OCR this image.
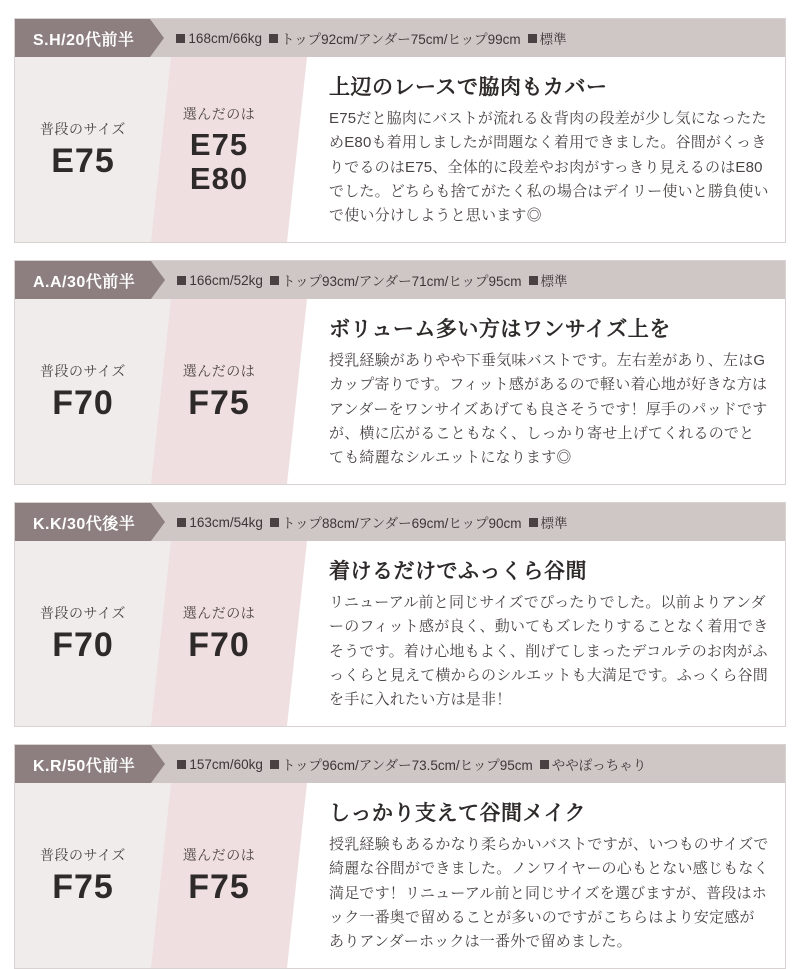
S.H/20代前半	168cm/66kg トップ92cm/アンダー75cm/ヒップ99cm 標準
普段のサイズ
E75
選んだのは
E75
E80
上辺のレースで脇肉もカバー
E75だと脇肉にバストが流れる＆背肉の段差が少し気になったためE80も着用しましたが問題なく着用できました。谷間がくっきりでるのはE75、全体的に段差やお肉がすっきり見えるのはE80でした。どちらも捨てがたく私の場合はデイリー使いと勝負使いで使い分けしようと思います◎
A.A/30代前半	166cm/52kg トップ93cm/アンダー71cm/ヒップ95cm 標準
普段のサイズ
F70
選んだのは
F75
ボリューム多い方はワンサイズ上を
授乳経験がありやや下垂気味バストです。左右差があり、左はGカップ寄りです。フィット感があるので軽い着心地が好きな方はアンダーをワンサイズあげても良さそうです！厚手のパッドですが、横に広がることもなく、しっかり寄せ上げてくれるのでとても綺麗なシルエットになります◎
K.K/30代後半	163cm/54kg トップ88cm/アンダー69cm/ヒップ90cm 標準
普段のサイズ
F70
選んだのは
F70
着けるだけでふっくら谷間
リニューアル前と同じサイズでぴったりでした。以前よりアンダーのフィット感が良く、動いてもズレたりすることなく着用できそうです。着け心地もよく、削げてしまったデコルテのお肉がふっくらと見えて横からのシルエットも大満足です。ふっくら谷間を手に入れたい方は是非！
K.R/50代前半	157cm/60kg トップ96cm/アンダー73.5cm/ヒップ95cm ややぽっちゃり
普段のサイズ
F75
選んだのは
F75
しっかり支えて谷間メイク
授乳経験もあるかなり柔らかいバストですが、いつものサイズで綺麗な谷間ができました。ノンワイヤーの心もとない感じもなく満足です！リニューアル前と同じサイズを選びますが、普段はホック一番奥で留めることが多いのですがこちらはより安定感がありアンダーホックは一番外で留めました。
